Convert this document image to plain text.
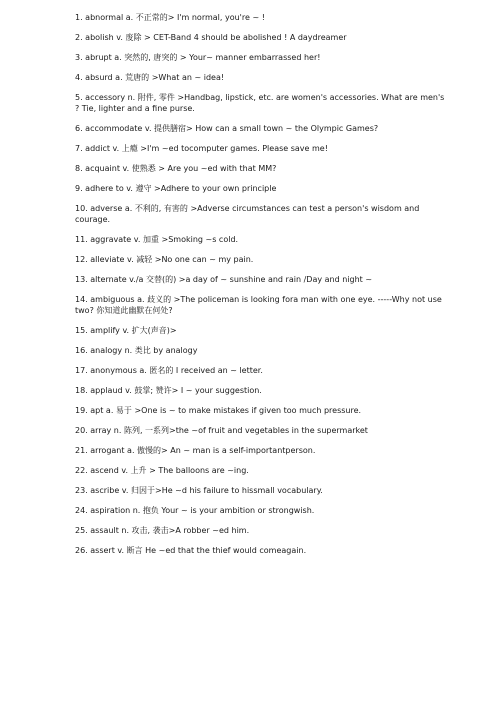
1. abnormal a. 不正常的> I'm normal, you're ~ !
2. abolish v. 废除 > CET-Band 4 should be abolished ! A daydreamer
3. abrupt a. 突然的, 唐突的 > Your~ manner embarrassed her!
4. absurd a. 荒唐的 >What an ~ idea!
5. accessory n. 附件, 零件 >Handbag, lipstick, etc. are women's accessories. What are men's ? Tie, lighter and a fine purse.
6. accommodate v. 提供膳宿> How can a small town ~ the Olympic Games?
7. addict v. 上瘾 >I'm ~ed tocomputer games. Please save me!
8. acquaint v. 使熟悉 > Are you ~ed with that MM?
9. adhere to v. 遵守 >Adhere to your own principle
10. adverse a. 不利的, 有害的 >Adverse circumstances can test a person's wisdom and courage.
11. aggravate v. 加重 >Smoking ~s cold.
12. alleviate v. 减轻 >No one can ~ my pain.
13. alternate v./a 交替(的) >a day of ~ sunshine and rain /Day and night ~
14. ambiguous a. 歧义的 >The policeman is looking fora man with one eye. -----Why not use two? 你知道此幽默在何处?
15. amplify v. 扩大(声音)>
16. analogy n. 类比 by analogy
17. anonymous a. 匿名的 I received an ~ letter.
18. applaud v. 鼓掌; 赞许> I ~ your suggestion.
19. apt a. 易于 >One is ~ to make mistakes if given too much pressure.
20. array n. 陈列, 一系列>the ~of fruit and vegetables in the supermarket
21. arrogant a. 傲慢的> An ~ man is a self-importantperson.
22. ascend v. 上升 > The balloons are ~ing.
23. ascribe v. 归因于>He ~d his failure to hissmall vocabulary.
24. aspiration n. 抱负 Your ~ is your ambition or strongwish.
25. assault n. 攻击, 袭击>A robber ~ed him.
26. assert v. 断言 He ~ed that the thief would comeagain.
